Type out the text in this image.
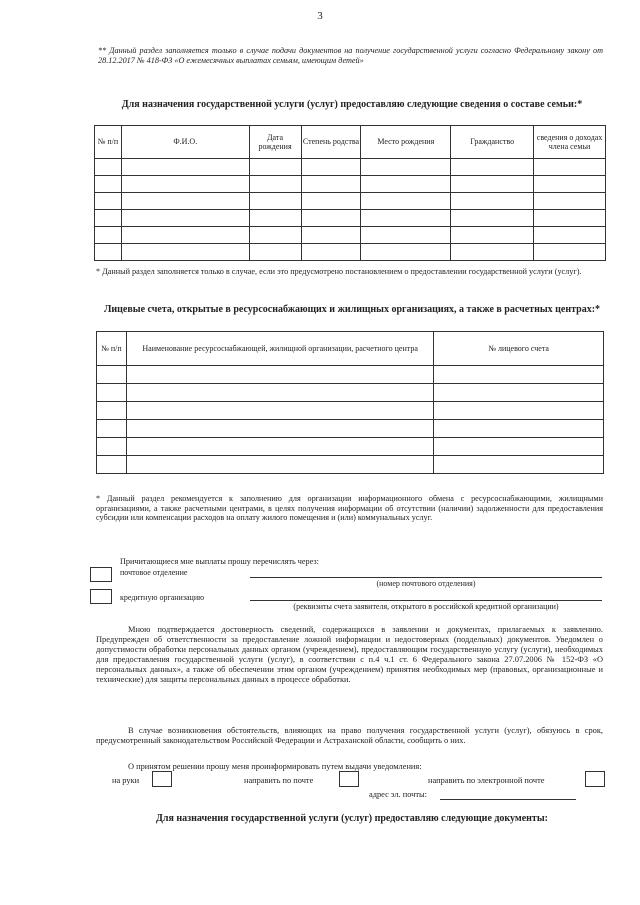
3
** Данный раздел заполняется только в случае подачи документов на получение государственной услуги согласно Федеральному закону от 28.12.2017 № 418-ФЗ «О ежемесячных выплатах семьям, имеющим детей»
Для назначения государственной услуги (услуг) предоставляю следующие сведения о составе семьи:*
№ п/п	Ф.И.О.	Дата рождения	Степень родства	Место рождения	Гражданство	сведения о доходах члена семьи

* Данный раздел заполняется только в случае, если это предусмотрено постановлением о предоставлении государственной услуги (услуг).
Лицевые счета, открытые в ресурсоснабжающих и жилищных организациях, а также в расчетных центрах:*
№ п/п	Наименование ресурсоснабжающей, жилищной организации, расчетного центра	№ лицевого счета

* Данный раздел рекомендуется к заполнению для организации информационного обмена с ресурсоснабжающими, жилищными организациями, а также расчетными центрами, в целях получения информации об отсутствии (наличии) задолженности для предоставления субсидии или компенсации расходов на оплату жилого помещения и (или) коммунальных услуг.
Причитающиеся мне выплаты прошу перечислять через:
почтовое отделение
(номер почтового отделения)
кредитную организацию
(реквизиты счета заявителя, открытого в российской кредитной организации)
Мною подтверждается достоверность сведений, содержащихся в заявлении и документах, прилагаемых к заявлению. Предупрежден об ответственности за предоставление ложной информации и недостоверных (поддельных) документов. Уведомлен о допустимости обработки персональных данных органом (учреждением), предоставляющим государственную услугу (услуги), необходимых для предоставления государственной услуги (услуг), в соответствии с п.4 ч.1 ст. 6 Федерального закона 27.07.2006 № 152-ФЗ «О персональных данных», а также об обеспечении этим органом (учреждением) принятия необходимых мер (правовых, организационные и технические) для защиты персональных данных в процессе обработки.
В случае возникновения обстоятельств, влияющих на право получения государственной услуги (услуг), обязуюсь в срок, предусмотренный законодательством Российской Федерации и Астраханской области, сообщить о них.
О принятом решении прошу меня проинформировать путем выдачи уведомления:
на руки	направить по почте	направить по электронной почте
адрес эл. почты:
Для назначения государственной услуги (услуг) предоставляю следующие документы:
